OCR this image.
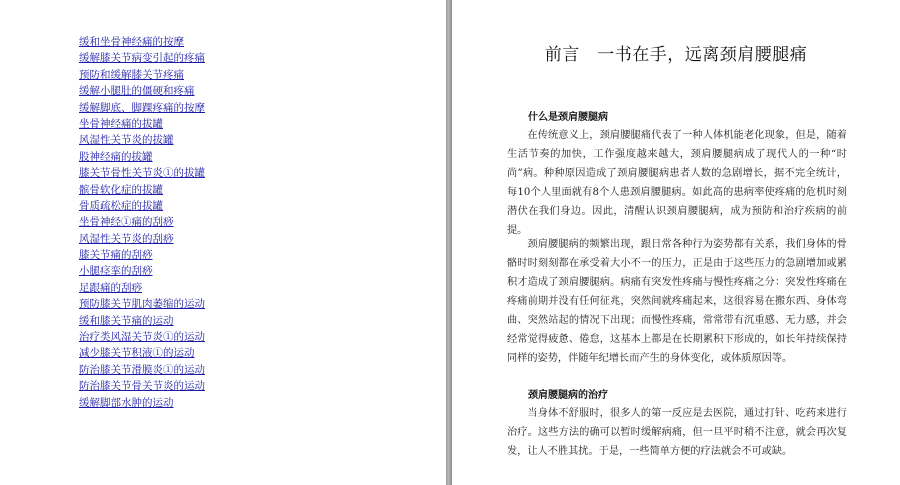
缓和坐骨神经痛的按摩
缓解膝关节病变引起的疼痛
预防和缓解膝关节疼痛
缓解小腿肚的僵硬和疼痛
缓解脚底、脚踝疼痛的按摩
坐骨神经痛的拔罐
风湿性关节炎的拔罐
股神经痛的拔罐
膝关节骨性关节炎①的拔罐
髌骨软化症的拔罐
骨质疏松症的拔罐
坐骨神经①痛的刮痧
风湿性关节炎的刮痧
膝关节痛的刮痧
小腿痉挛的刮痧
足跟痛的刮痧
预防膝关节肌肉萎缩的运动
缓和膝关节痛的运动
治疗类风湿关节炎①的运动
减少膝关节积液①的运动
防治膝关节滑膜炎①的运动
防治膝关节骨关节炎的运动
缓解脚部水肿的运动
前言　一书在手，远离颈肩腰腿痛
什么是颈肩腰腿病

在传统意义上，颈肩腰腿痛代表了一种人体机能老化现象，但是，随着生活节奏的加快，工作强度越来越大，颈肩腰腿病成了现代人的一种“时尚”病。种种原因造成了颈肩腰腿病患者人数的急剧增长，据不完全统计，每10个人里面就有8个人患颈肩腰腿病。如此高的患病率使疼痛的危机时刻潜伏在我们身边。因此，清醒认识颈肩腰腿病，成为预防和治疗疾病的前提。

颈肩腰腿病的频繁出现，跟日常各种行为姿势都有关系，我们身体的骨骼时时刻刻都在承受着大小不一的压力，正是由于这些压力的急剧增加或累积才造成了颈肩腰腿病。病痛有突发性疼痛与慢性疼痛之分：突发性疼痛在疼痛前期并没有任何征兆，突然间就疼痛起来，这很容易在搬东西、身体弯曲、突然站起的情况下出现；而慢性疼痛，常常带有沉重感、无力感，并会经常觉得疲惫、倦怠，这基本上都是在长期累积下形成的，如长年持续保持同样的姿势，伴随年纪增长而产生的身体变化，或体质原因等。

颈肩腰腿病的治疗

当身体不舒服时，很多人的第一反应是去医院，通过打针、吃药来进行治疗。这些方法的确可以暂时缓解病痛，但一旦平时稍不注意，就会再次复发，让人不胜其扰。于是，一些简单方便的疗法就会不可或缺。
